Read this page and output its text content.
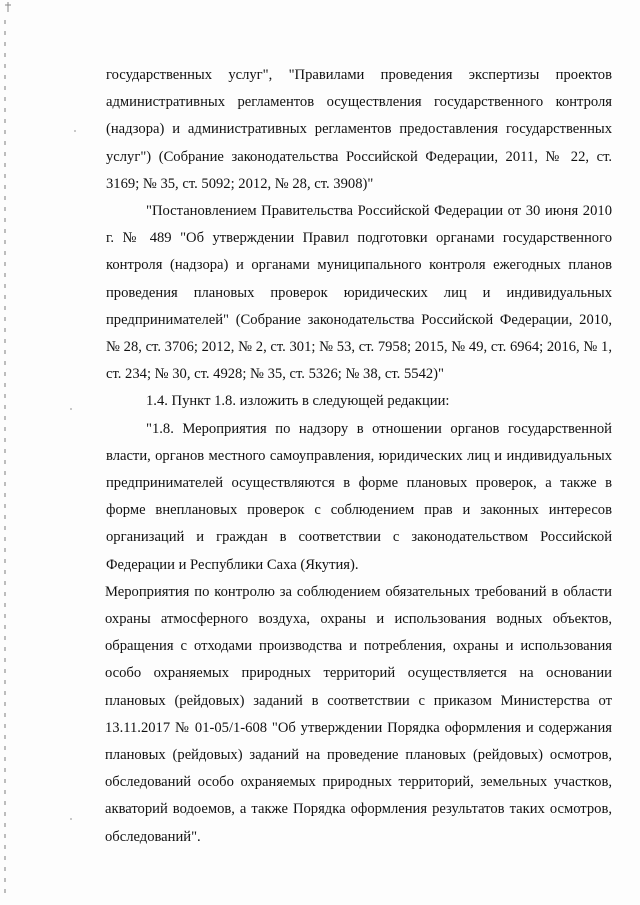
государственных услуг", "Правилами проведения экспертизы проектов административных регламентов осуществления государственного контроля (надзора) и административных регламентов предоставления государственных услуг") (Собрание законодательства Российской Федерации, 2011, № 22, ст. 3169; № 35, ст. 5092; 2012, № 28, ст. 3908)"

"Постановлением Правительства Российской Федерации от 30 июня 2010 г. № 489 "Об утверждении Правил подготовки органами государственного контроля (надзора) и органами муниципального контроля ежегодных планов проведения плановых проверок юридических лиц и индивидуальных предпринимателей" (Собрание законодательства Российской Федерации, 2010, № 28, ст. 3706; 2012, № 2, ст. 301; № 53, ст. 7958; 2015, № 49, ст. 6964; 2016, № 1, ст. 234; № 30, ст. 4928; № 35, ст. 5326; № 38, ст. 5542)"

1.4. Пункт 1.8. изложить в следующей редакции:

"1.8. Мероприятия по надзору в отношении органов государственной власти, органов местного самоуправления, юридических лиц и индивидуальных предпринимателей осуществляются в форме плановых проверок, а также в форме внеплановых проверок с соблюдением прав и законных интересов организаций и граждан в соответствии с законодательством Российской Федерации и Республики Саха (Якутия).

Мероприятия по контролю за соблюдением обязательных требований в области охраны атмосферного воздуха, охраны и использования водных объектов, обращения с отходами производства и потребления, охраны и использования особо охраняемых природных территорий осуществляется на основании плановых (рейдовых) заданий в соответствии с приказом Министерства от 13.11.2017 № 01-05/1-608 "Об утверждении Порядка оформления и содержания плановых (рейдовых) заданий на проведение плановых (рейдовых) осмотров, обследований особо охраняемых природных территорий, земельных участков, акваторий водоемов, а также Порядка оформления результатов таких осмотров, обследований".
